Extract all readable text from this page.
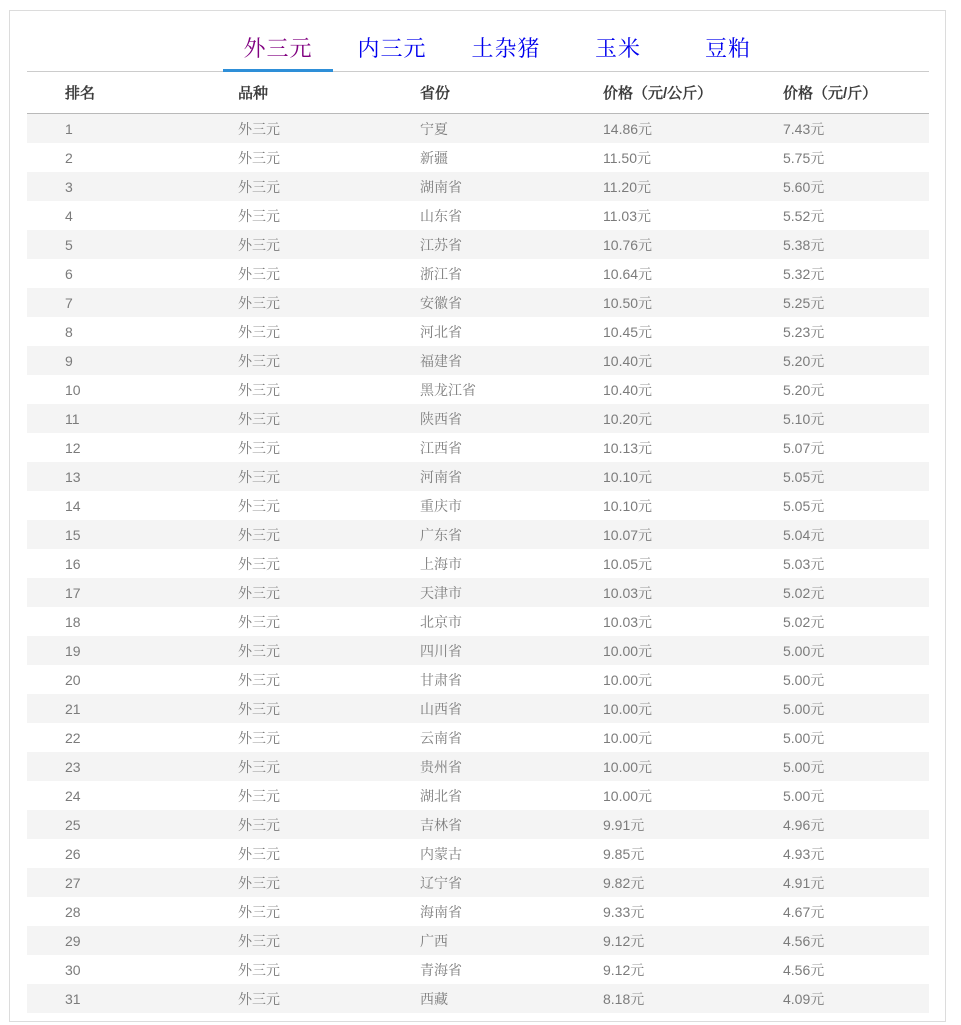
外三元	内三元	土杂猪	玉米	豆粕
排名	品种	省份	价格（元/公斤）	价格（元/斤）
1	外三元	宁夏	14.86元	7.43元
2	外三元	新疆	11.50元	5.75元
3	外三元	湖南省	11.20元	5.60元
4	外三元	山东省	11.03元	5.52元
5	外三元	江苏省	10.76元	5.38元
6	外三元	浙江省	10.64元	5.32元
7	外三元	安徽省	10.50元	5.25元
8	外三元	河北省	10.45元	5.23元
9	外三元	福建省	10.40元	5.20元
10	外三元	黑龙江省	10.40元	5.20元
11	外三元	陕西省	10.20元	5.10元
12	外三元	江西省	10.13元	5.07元
13	外三元	河南省	10.10元	5.05元
14	外三元	重庆市	10.10元	5.05元
15	外三元	广东省	10.07元	5.04元
16	外三元	上海市	10.05元	5.03元
17	外三元	天津市	10.03元	5.02元
18	外三元	北京市	10.03元	5.02元
19	外三元	四川省	10.00元	5.00元
20	外三元	甘肃省	10.00元	5.00元
21	外三元	山西省	10.00元	5.00元
22	外三元	云南省	10.00元	5.00元
23	外三元	贵州省	10.00元	5.00元
24	外三元	湖北省	10.00元	5.00元
25	外三元	吉林省	9.91元	4.96元
26	外三元	内蒙古	9.85元	4.93元
27	外三元	辽宁省	9.82元	4.91元
28	外三元	海南省	9.33元	4.67元
29	外三元	广西	9.12元	4.56元
30	外三元	青海省	9.12元	4.56元
31	外三元	西藏	8.18元	4.09元
